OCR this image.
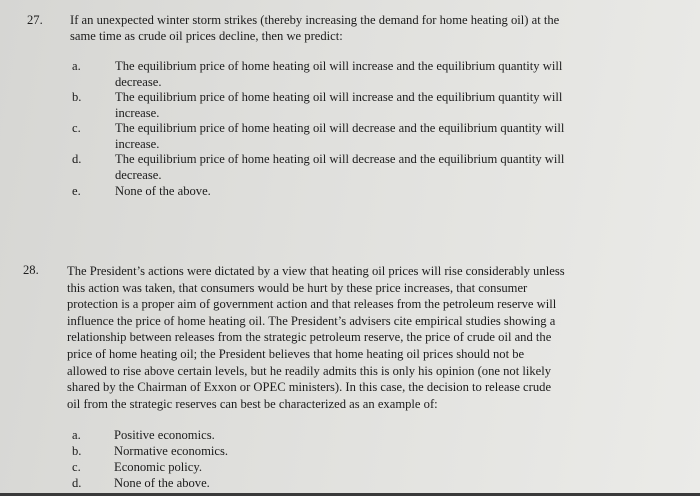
27. If an unexpected winter storm strikes (thereby increasing the demand for home heating oil) at the
same time as crude oil prices decline, then we predict:
a.	The equilibrium price of home heating oil will increase and the equilibrium quantity will
decrease.
b.	The equilibrium price of home heating oil will increase and the equilibrium quantity will
increase.
c.	The equilibrium price of home heating oil will decrease and the equilibrium quantity will
increase.
d.	The equilibrium price of home heating oil will decrease and the equilibrium quantity will
decrease.
e.	None of the above.
28. The President’s actions were dictated by a view that heating oil prices will rise considerably unless
this action was taken, that consumers would be hurt by these price increases, that consumer
protection is a proper aim of government action and that releases from the petroleum reserve will
influence the price of home heating oil. The President’s advisers cite empirical studies showing a
relationship between releases from the strategic petroleum reserve, the price of crude oil and the
price of home heating oil; the President believes that home heating oil prices should not be
allowed to rise above certain levels, but he readily admits this is only his opinion (one not likely
shared by the Chairman of Exxon or OPEC ministers). In this case, the decision to release crude
oil from the strategic reserves can best be characterized as an example of:
a.
b.
c.
d.
Positive economics.
Normative economics.
Economic policy.
None of the above.
